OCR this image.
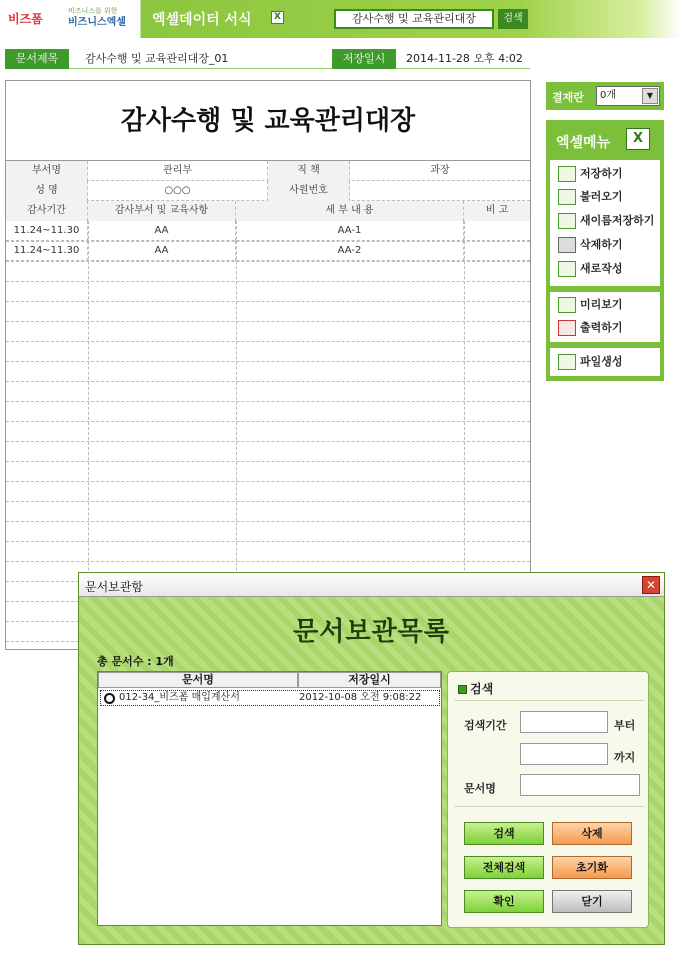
비즈폼
비즈니스를 위한
비즈니스엑셀 엑셀데이터 서식	X	감사수행 및 교육관리대장	검색
문서제목	감사수행 및 교육관리대장_01	저장일시	2014-11-28 오후 4:02
감사수행 및 교육관리대장
부서명	관리부	직 책	과장
성 명	○○○	사원번호
감사기간	감사부서 및 교육사항	세 부 내 용	비 고
11.24~11.30	AA	AA-1
11.24~11.30	AA	AA-2
결재란	0개	▼
엑셀메뉴	X
저장하기
불러오기
새이름저장하기
삭제하기
새로작성
미리보기
출력하기
파일생성
문서보관함	✕
문서보관목록
총 문서수 : 1개
문서명	저장일시
012-34_비즈폼 매입계산서	2012-10-08 오전 9:08:22
검색
검색기간	부터
까지
문서명
검색	삭제
전체검색	초기화
확인	닫기
